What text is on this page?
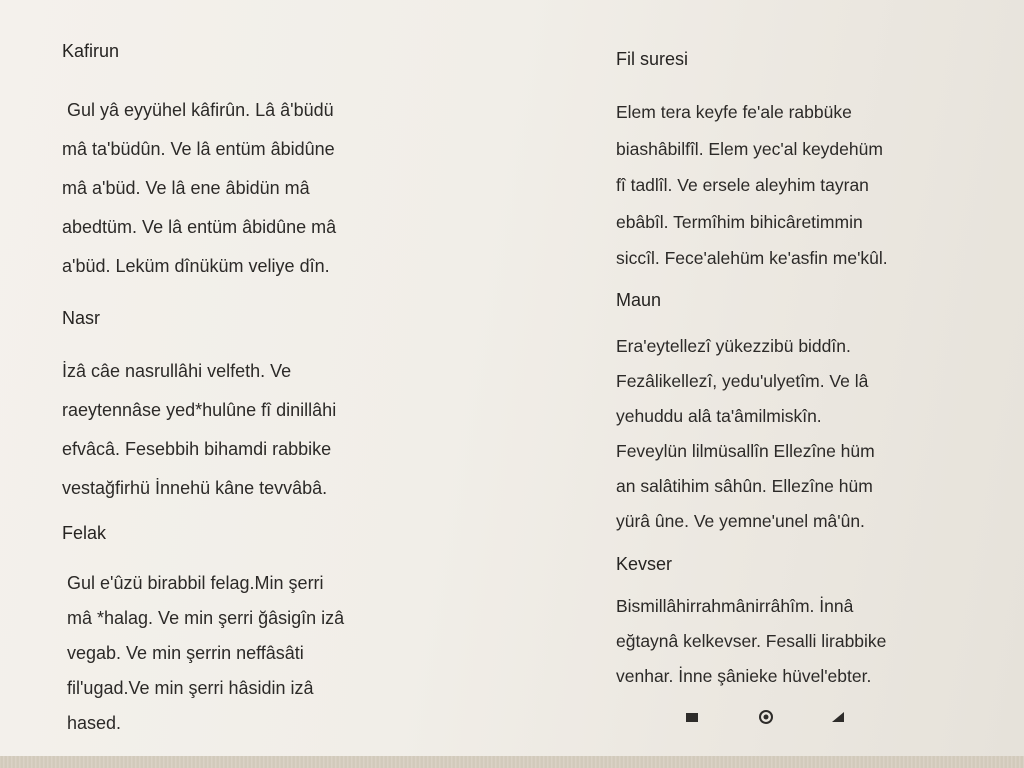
Kafirun
Gul yâ eyyühel kâfirûn. Lâ â'büdü
mâ ta'büdûn. Ve lâ entüm âbidûne
mâ a'büd. Ve lâ ene âbidün mâ
abedtüm. Ve lâ entüm âbidûne mâ
a'büd. Leküm dînüküm veliye dîn.
Nasr
İzâ câe nasrullâhi velfeth. Ve
raeytennâse yed*hulûne fî dinillâhi
efvâcâ. Fesebbih bihamdi rabbike
vestağfirhü İnnehü kâne tevvâbâ.
Felak
Gul e'ûzü birabbil felag.Min şerri
mâ *halag. Ve min şerri ğâsigîn izâ
vegab. Ve min şerrin neffâsâti
fil'ugad.Ve min şerri hâsidin izâ
hased.
Fil suresi
Elem tera keyfe fe'ale rabbüke
biashâbilfîl. Elem yec'al keydehüm
fî tadlîl. Ve ersele aleyhim tayran
ebâbîl. Termîhim bihicâretimmin
siccîl. Fece'alehüm ke'asfin me'kûl.
Maun
Era'eytellezî yükezzibü biddîn.
Fezâlikellezî, yedu'ulyetîm. Ve lâ
yehuddu alâ ta'âmilmiskîn.
Feveylün lilmüsallîn Ellezîne hüm
an salâtihim sâhûn. Ellezîne hüm
yürâ ûne. Ve yemne'unel mâ'ûn.
Kevser
Bismillâhirrahmânirrâhîm. İnnâ
eğtaynâ kelkevser. Fesalli lirabbike
venhar. İnne şânieke hüvel'ebter.
